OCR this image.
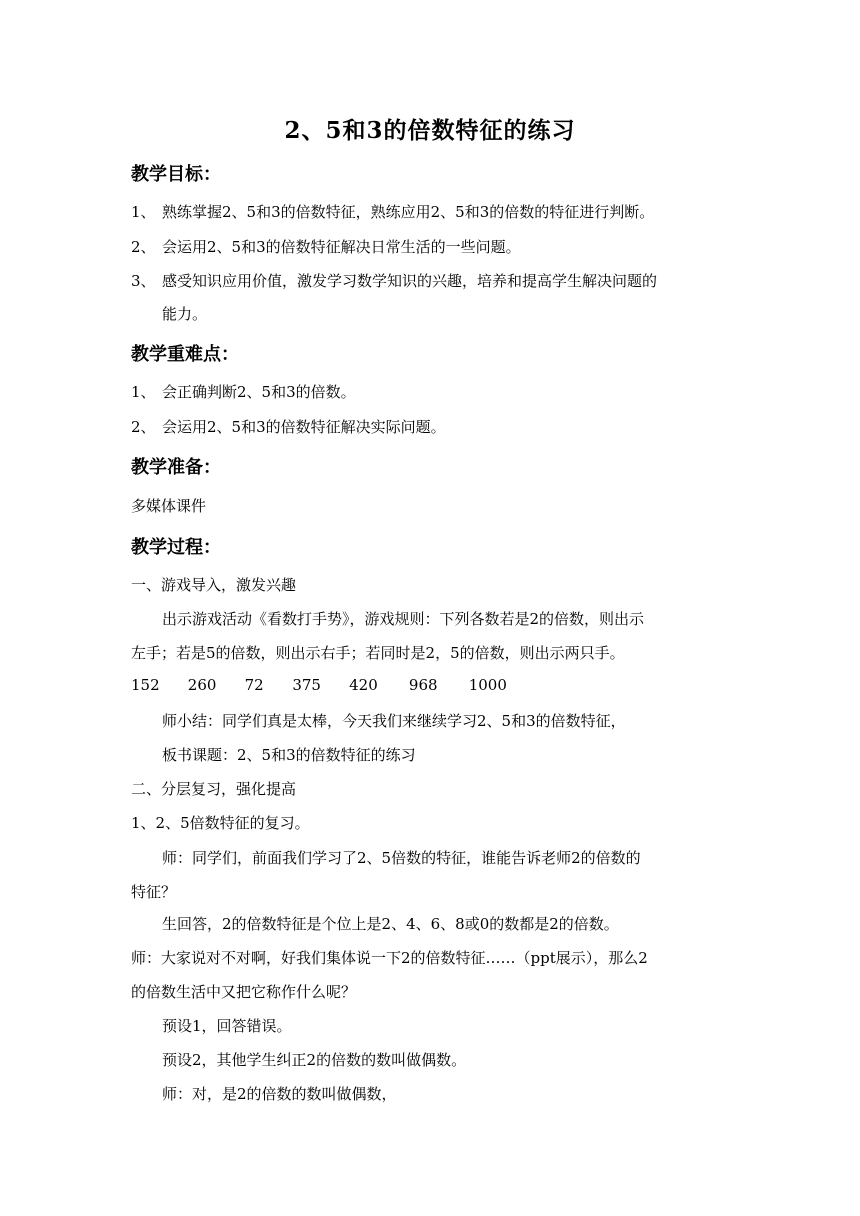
2、5和3的倍数特征的练习
教学目标：

1、 熟练掌握2、5和3的倍数特征，熟练应用2、5和3的倍数的特征进行判断。

2、 会运用2、5和3的倍数特征解决日常生活的一些问题。

3、 感受知识应用价值，激发学习数学知识的兴趣，培养和提高学生解决问题的

能力。

教学重难点：

1、 会正确判断2、5和3的倍数。

2、 会运用2、5和3的倍数特征解决实际问题。

教学准备：

多媒体课件

教学过程：

一、游戏导入，激发兴趣

出示游戏活动《看数打手势》，游戏规则：下列各数若是2的倍数，则出示

左手；若是5的倍数，则出示右手；若同时是2，5的倍数，则出示两只手。

152 260 72 375 420 968 1000

师小结：同学们真是太棒，今天我们来继续学习2、5和3的倍数特征，

板书课题：2、5和3的倍数特征的练习

二、分层复习，强化提高

1、2、5倍数特征的复习。

师：同学们，前面我们学习了2、5倍数的特征，谁能告诉老师2的倍数的

特征？

生回答，2的倍数特征是个位上是2、4、6、8或0的数都是2的倍数。

师：大家说对不对啊，好我们集体说一下2的倍数特征……（ppt展示），那么2

的倍数生活中又把它称作什么呢？

预设1，回答错误。

预设2，其他学生纠正2的倍数的数叫做偶数。

师：对，是2的倍数的数叫做偶数，
